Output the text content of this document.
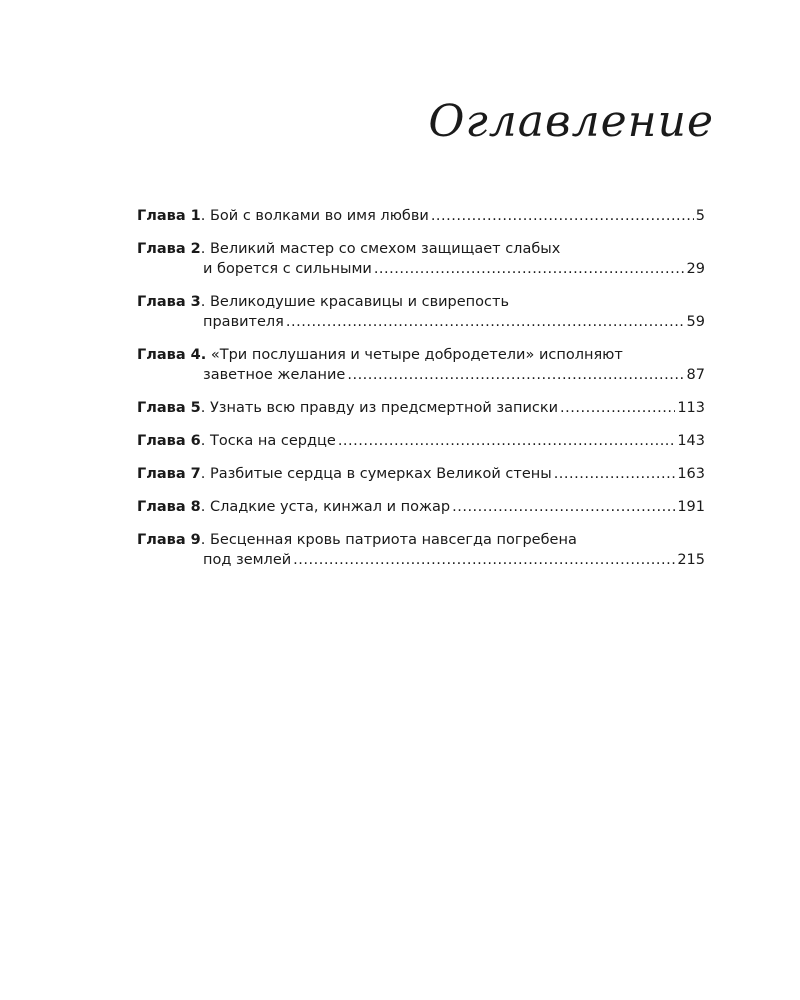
Оглавление
Глава 1 . Бой с волками во имя любви .....	5
Глава 2 . Великий мастер со смехом защищает слабых
и борется с сильными .....	29
Глава 3 . Великодушие красавицы и свирепость
правителя .....	59
Глава 4. «Три послушания и четыре добродетели» исполняют
заветное желание .....	87
Глава 5 . Узнать всю правду из предсмертной записки .....	113
Глава 6 . Тоска на сердце .....	143
Глава 7 . Разбитые сердца в сумерках Великой стены .....	163
Глава 8 . Сладкие уста, кинжал и пожар .....	191
Глава 9 . Бесценная кровь патриота навсегда погребена
под землей .....	215
